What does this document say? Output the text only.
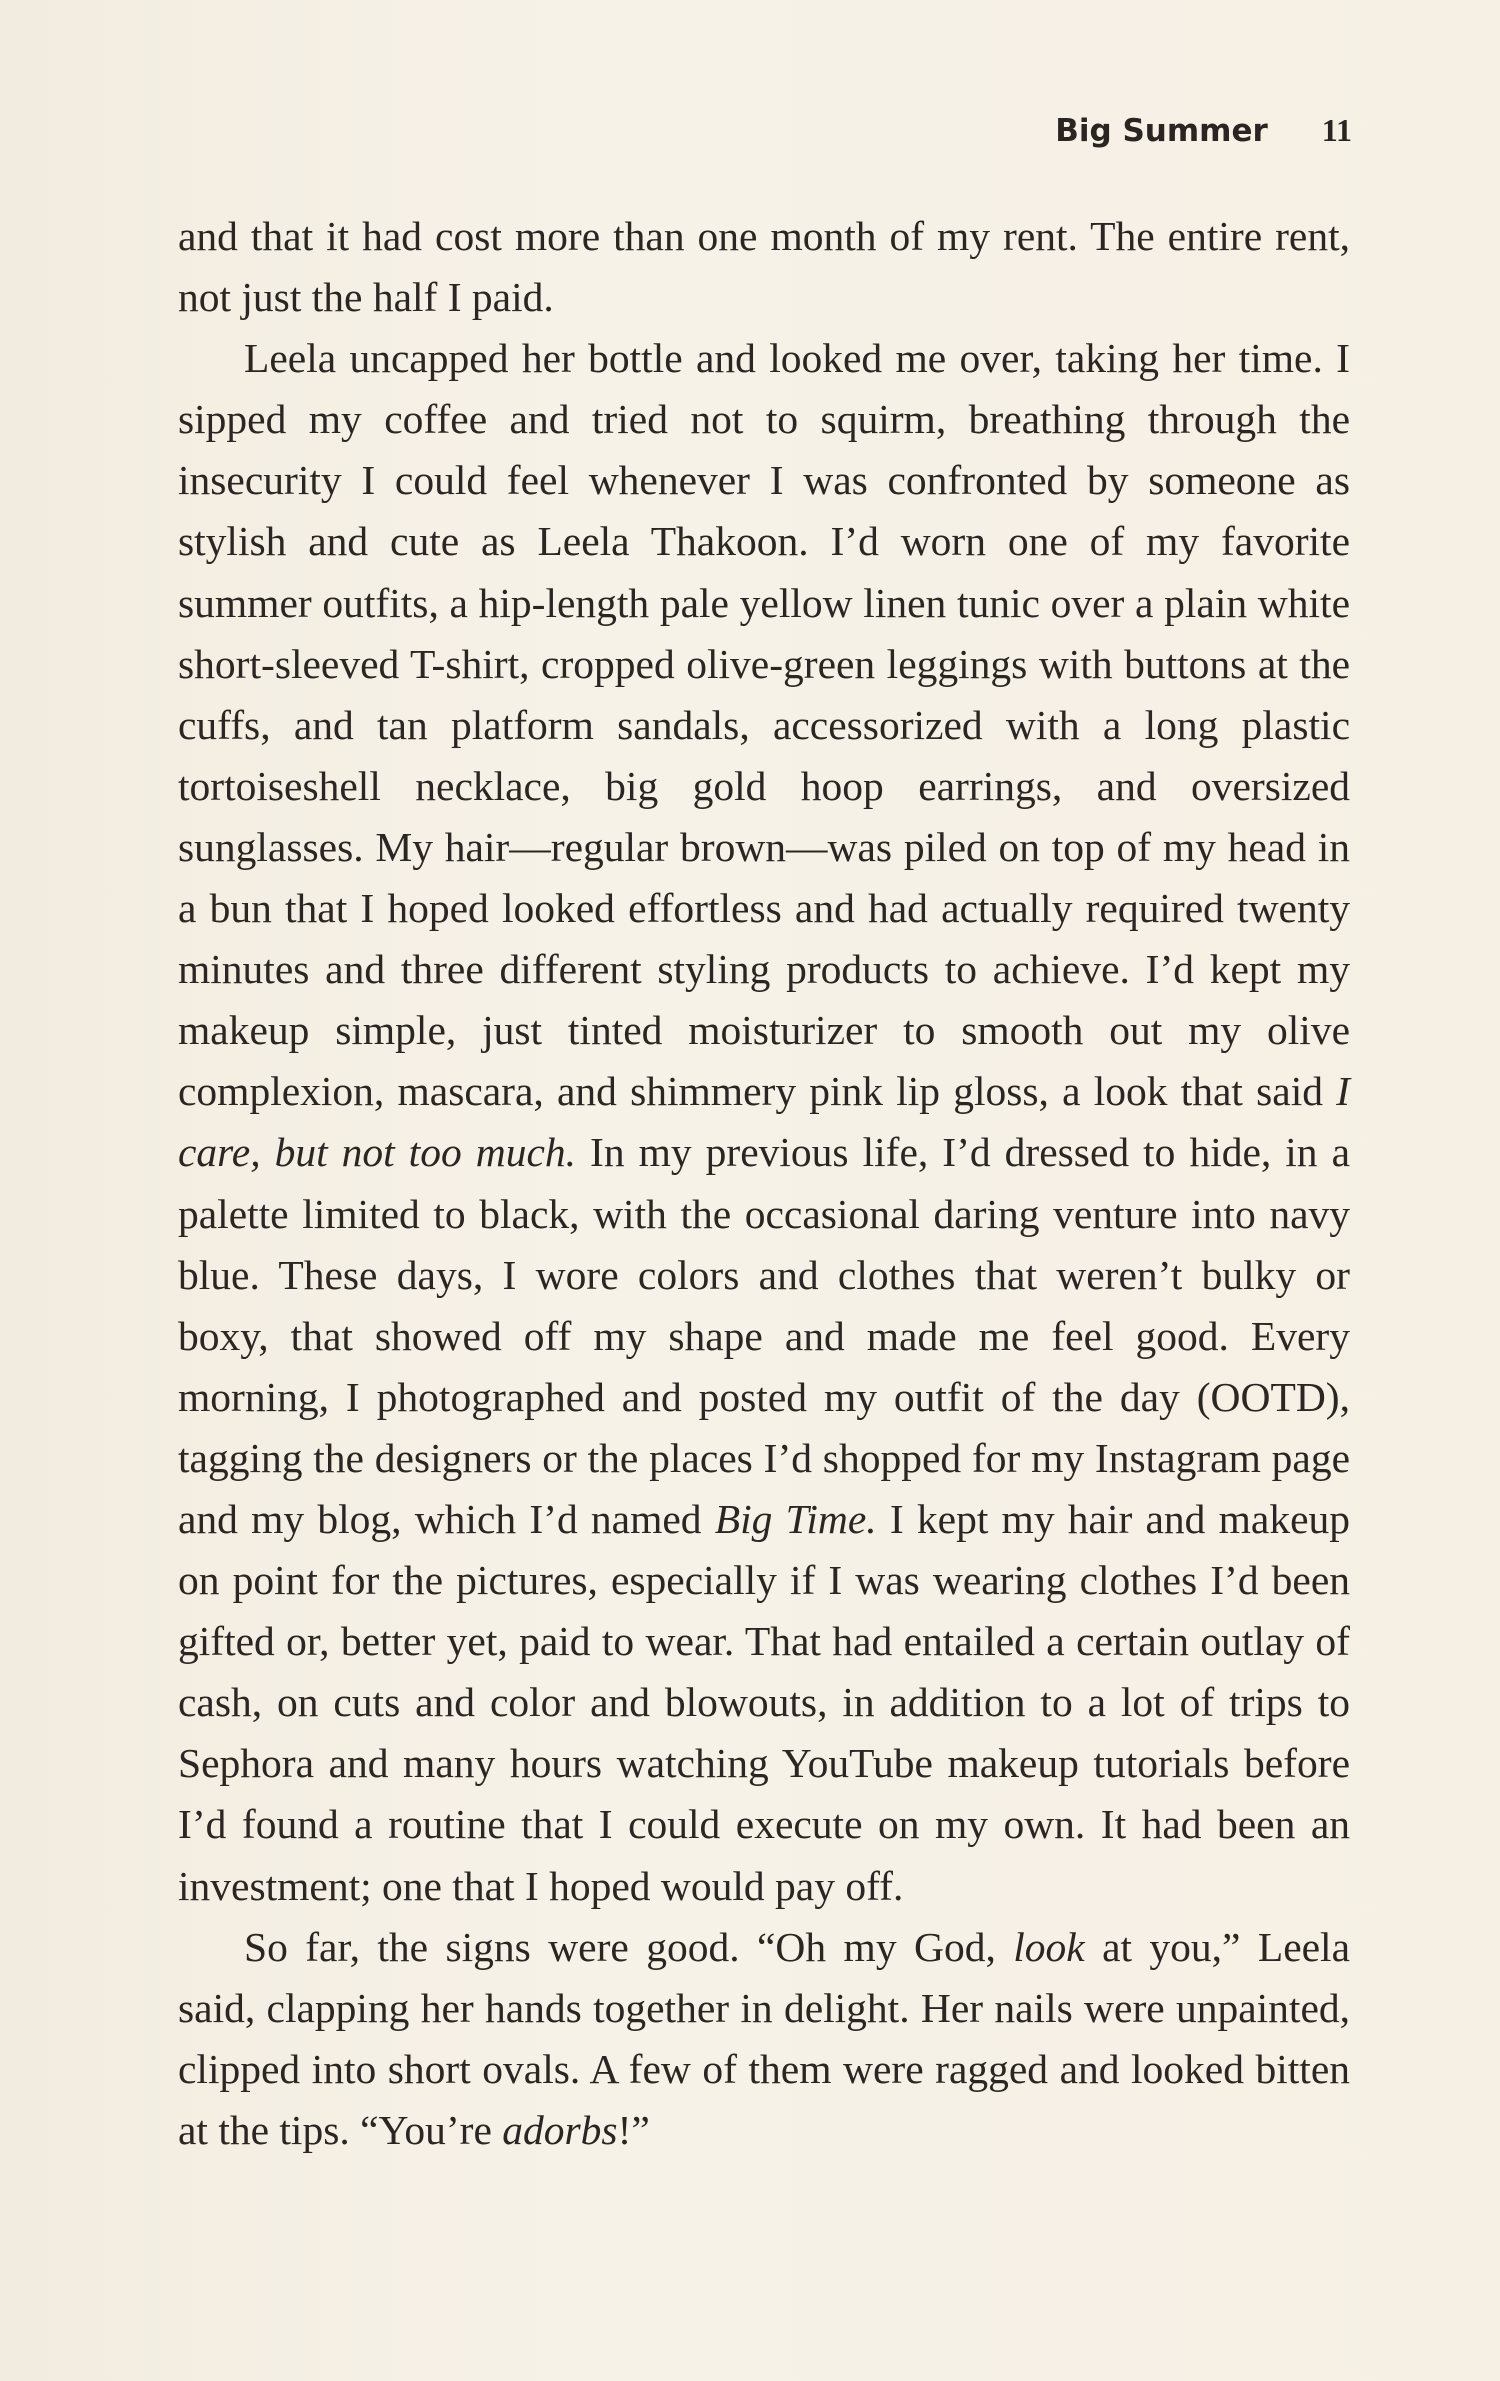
Big Summer 11

and that it had cost more than one month of my rent. The entire rent, not just the half I paid.

Leela uncapped her bottle and looked me over, taking her time. I sipped my coffee and tried not to squirm, breathing through the insecurity I could feel whenever I was confronted by someone as stylish and cute as Leela Thakoon. I’d worn one of my favorite summer outfits, a hip-length pale yellow linen tunic over a plain white short-sleeved T-shirt, cropped olive-green leggings with buttons at the cuffs, and tan platform sandals, accessorized with a long plastic tortoiseshell necklace, big gold hoop earrings, and oversized sunglasses. My hair—regular brown—was piled on top of my head in a bun that I hoped looked effortless and had actually required twenty minutes and three different styling products to achieve. I’d kept my makeup simple, just tinted moisturizer to smooth out my olive complexion, mascara, and shimmery pink lip gloss, a look that said I care, but not too much. In my previous life, I’d dressed to hide, in a palette limited to black, with the occasional daring venture into navy blue. These days, I wore colors and clothes that weren’t bulky or boxy, that showed off my shape and made me feel good. Every morning, I photographed and posted my outfit of the day (OOTD), tagging the designers or the places I’d shopped for my Instagram page and my blog, which I’d named Big Time. I kept my hair and makeup on point for the pictures, especially if I was wearing clothes I’d been gifted or, better yet, paid to wear. That had entailed a certain outlay of cash, on cuts and color and blowouts, in addition to a lot of trips to Sephora and many hours watching YouTube makeup tutorials before I’d found a routine that I could execute on my own. It had been an investment; one that I hoped would pay off.

So far, the signs were good. “Oh my God, look at you,” Leela said, clapping her hands together in delight. Her nails were unpainted, clipped into short ovals. A few of them were ragged and looked bitten at the tips. “You’re adorbs!”
